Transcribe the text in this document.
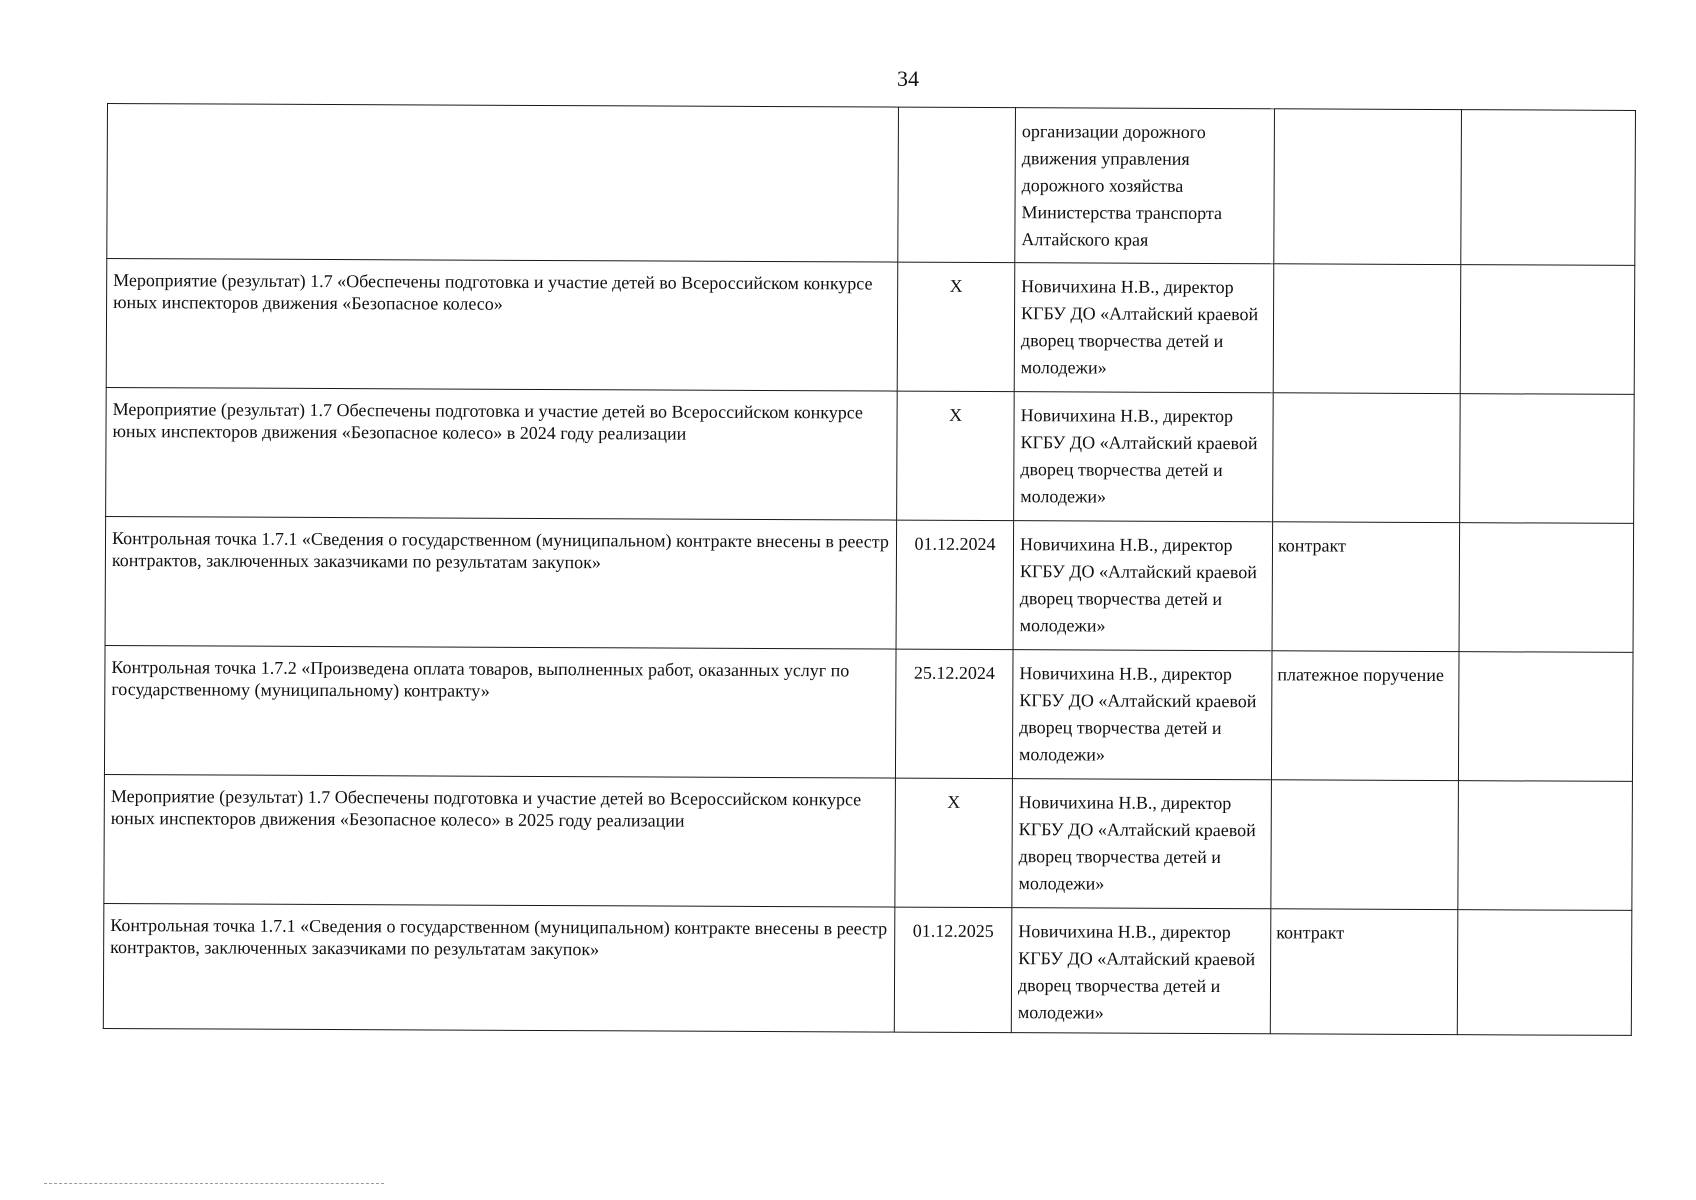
34

		организации дорожного движения управления дорожного хозяйства Министерства транспорта Алтайского края		

Мероприятие (результат) 1.7 «Обеспечены подготовка и участие детей во Всероссийском конкурсе юных инспекторов движения «Безопасное колесо»	X	Новичихина Н.В., директор КГБУ ДО «Алтайский краевой дворец творчества детей и молодежи»		

Мероприятие (результат) 1.7 Обеспечены подготовка и участие детей во Всероссийском конкурсе юных инспекторов движения «Безопасное колесо» в 2024 году реализации	X	Новичихина Н.В., директор КГБУ ДО «Алтайский краевой дворец творчества детей и молодежи»		

Контрольная точка 1.7.1 «Сведения о государственном (муниципальном) контракте внесены в реестр контрактов, заключенных заказчиками по результатам закупок»	01.12.2024	Новичихина Н.В., директор КГБУ ДО «Алтайский краевой дворец творчества детей и молодежи»	контракт	

Контрольная точка 1.7.2 «Произведена оплата товаров, выполненных работ, оказанных услуг по государственному (муниципальному) контракту»	25.12.2024	Новичихина Н.В., директор КГБУ ДО «Алтайский краевой дворец творчества детей и молодежи»	платежное поручение	

Мероприятие (результат) 1.7 Обеспечены подготовка и участие детей во Всероссийском конкурсе юных инспекторов движения «Безопасное колесо» в 2025 году реализации	X	Новичихина Н.В., директор КГБУ ДО «Алтайский краевой дворец творчества детей и молодежи»		

Контрольная точка 1.7.1 «Сведения о государственном (муниципальном) контракте внесены в реестр контрактов, заключенных заказчиками по результатам закупок»	01.12.2025	Новичихина Н.В., директор КГБУ ДО «Алтайский краевой дворец творчества детей и молодежи»	контракт	
